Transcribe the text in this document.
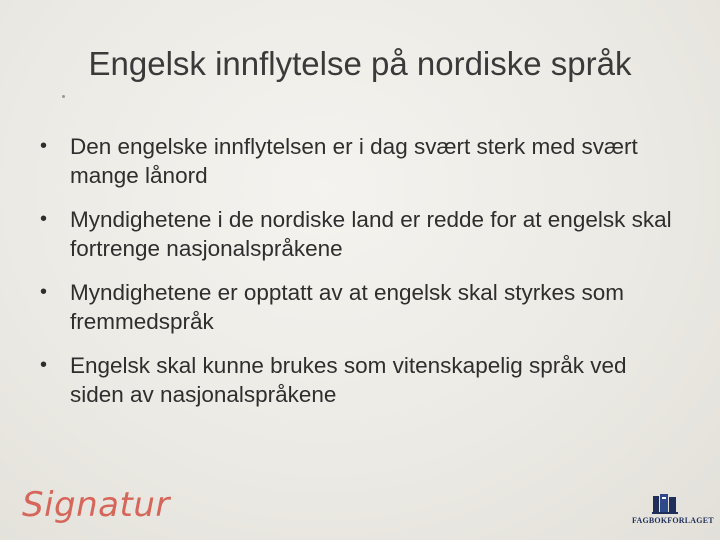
Engelsk innflytelse på nordiske språk
•	Den engelske innflytelsen er i dag svært sterk med svært mange lånord
•	Myndighetene i de nordiske land er redde for at engelsk skal fortrenge nasjonalspråkene
•	Myndighetene er opptatt av at engelsk skal styrkes som fremmedspråk
•	Engelsk skal kunne brukes som vitenskapelig språk ved siden av nasjonalspråkene
Signatur	FAGBOKFORLAGET
